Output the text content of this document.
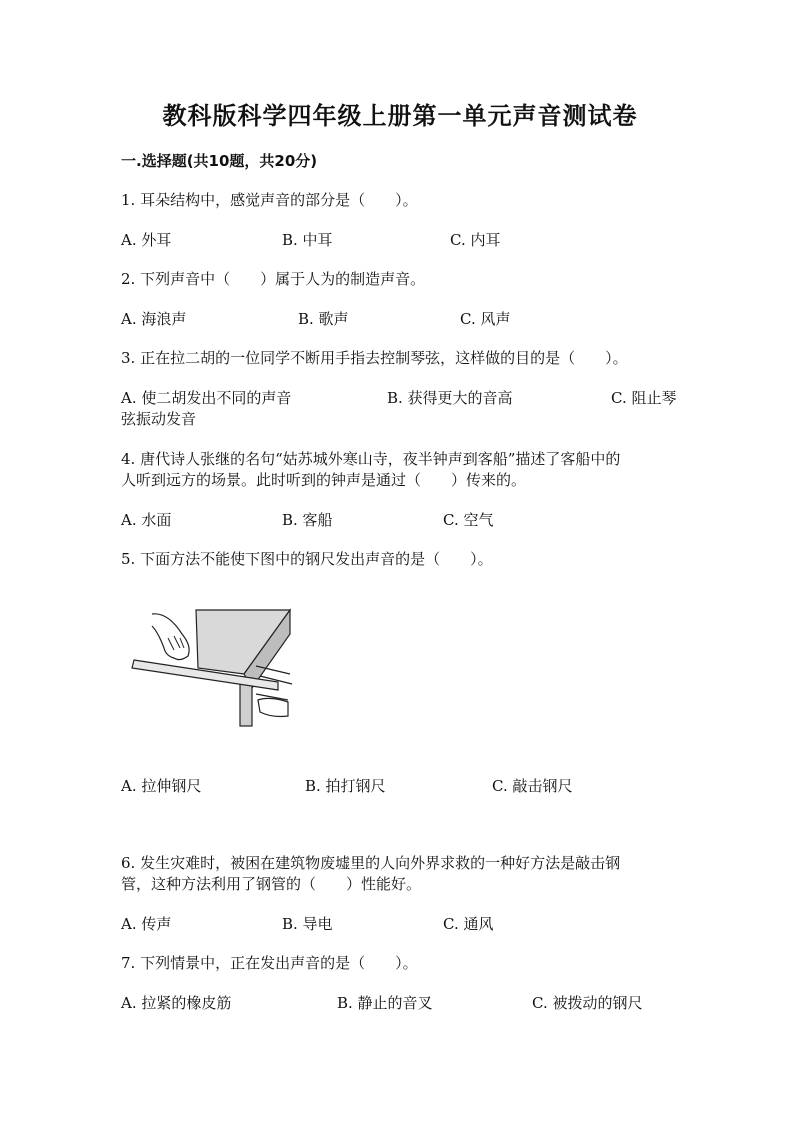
教科版科学四年级上册第一单元声音测试卷
一.选择题(共10题，共20分)
1. 耳朵结构中，感觉声音的部分是（　　）。
A. 外耳	B. 中耳	C. 内耳
2. 下列声音中（　　）属于人为的制造声音。
A. 海浪声	B. 歌声	C. 风声
3. 正在拉二胡的一位同学不断用手指去控制琴弦，这样做的目的是（　　）。
A. 使二胡发出不同的声音	B. 获得更大的音高	C. 阻止琴
弦振动发音
4. 唐代诗人张继的名句“姑苏城外寒山寺，夜半钟声到客船”描述了客船中的
人听到远方的场景。此时听到的钟声是通过（　　）传来的。
A. 水面	B. 客船	C. 空气
5. 下面方法不能使下图中的钢尺发出声音的是（　　）。
A. 拉伸钢尺	B. 拍打钢尺	C. 敲击钢尺
6. 发生灾难时，被困在建筑物废墟里的人向外界求救的一种好方法是敲击钢
管，这种方法利用了钢管的（　　）性能好。
A. 传声	B. 导电	C. 通风
7. 下列情景中，正在发出声音的是（　　）。
A. 拉紧的橡皮筋	B. 静止的音叉	C. 被拨动的钢尺
